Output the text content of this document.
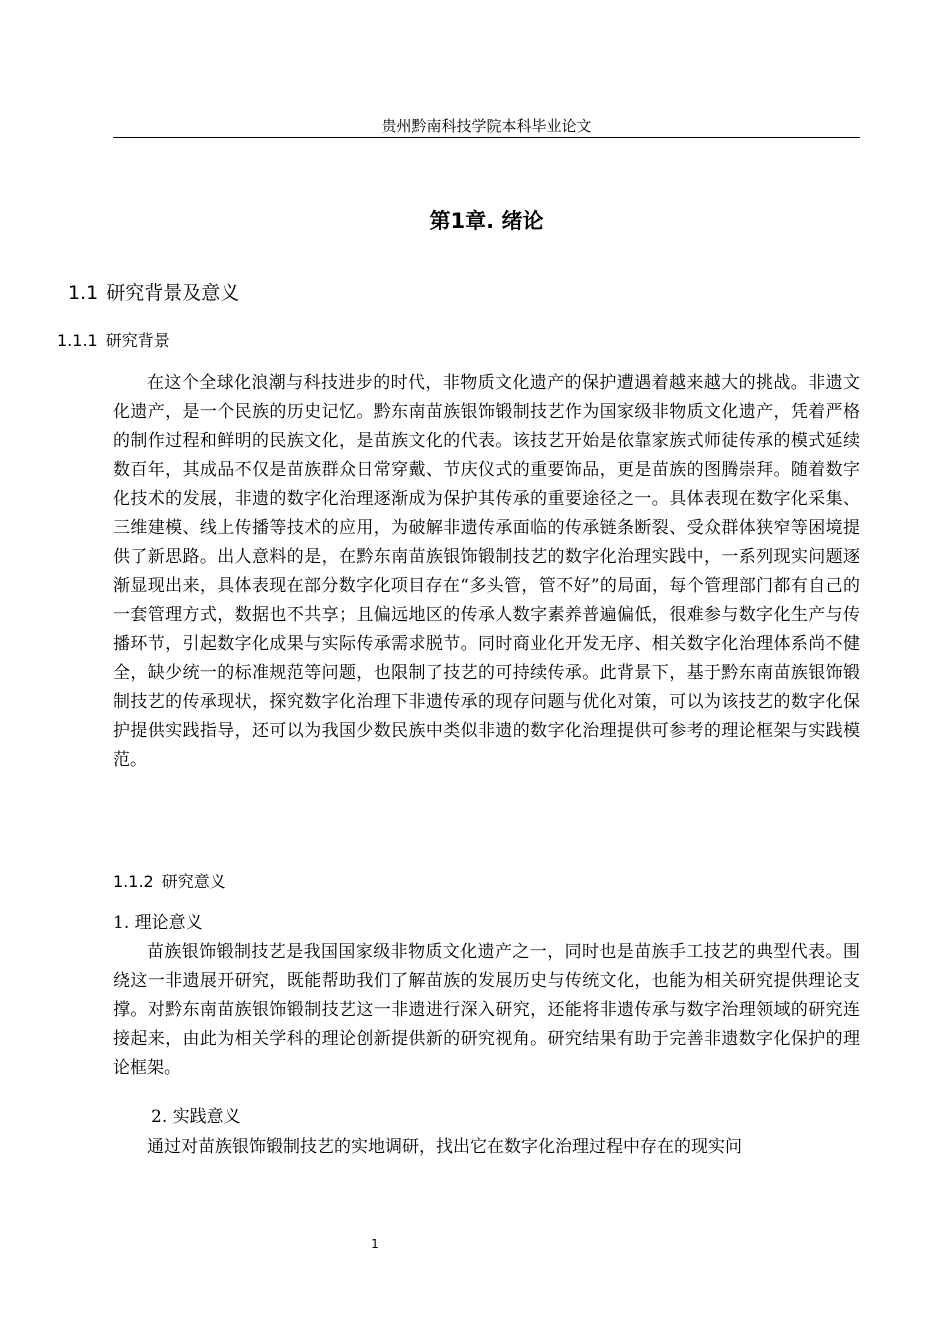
贵州黔南科技学院本科毕业论文
第1章. 绪论
1.1 研究背景及意义
1.1.1 研究背景

在这个全球化浪潮与科技进步的时代，非物质文化遗产的保护遭遇着越来越大的挑战。非遗文化遗产，是一个民族的历史记忆。黔东南苗族银饰锻制技艺作为国家级非物质文化遗产，凭着严格的制作过程和鲜明的民族文化，是苗族文化的代表。该技艺开始是依靠家族式师徒传承的模式延续数百年，其成品不仅是苗族群众日常穿戴、节庆仪式的重要饰品，更是苗族的图腾崇拜。随着数字化技术的发展，非遗的数字化治理逐渐成为保护其传承的重要途径之一。具体表现在数字化采集、三维建模、线上传播等技术的应用，为破解非遗传承面临的传承链条断裂、受众群体狭窄等困境提供了新思路。出人意料的是，在黔东南苗族银饰锻制技艺的数字化治理实践中，一系列现实问题逐渐显现出来，具体表现在部分数字化项目存在“多头管，管不好”的局面，每个管理部门都有自己的一套管理方式，数据也不共享；且偏远地区的传承人数字素养普遍偏低，很难参与数字化生产与传播环节，引起数字化成果与实际传承需求脱节。同时商业化开发无序、相关数字化治理体系尚不健全，缺少统一的标准规范等问题，也限制了技艺的可持续传承。此背景下，基于黔东南苗族银饰锻制技艺的传承现状，探究数字化治理下非遗传承的现存问题与优化对策，可以为该技艺的数字化保护提供实践指导，还可以为我国少数民族中类似非遗的数字化治理提供可参考的理论框架与实践模范。

1.1.2 研究意义
1. 理论意义

苗族银饰锻制技艺是我国国家级非物质文化遗产之一，同时也是苗族手工技艺的典型代表。围绕这一非遗展开研究，既能帮助我们了解苗族的发展历史与传统文化，也能为相关研究提供理论支撑。对黔东南苗族银饰锻制技艺这一非遗进行深入研究，还能将非遗传承与数字治理领域的研究连接起来，由此为相关学科的理论创新提供新的研究视角。研究结果有助于完善非遗数字化保护的理论框架。

2. 实践意义

通过对苗族银饰锻制技艺的实地调研，找出它在数字化治理过程中存在的现实问

1
